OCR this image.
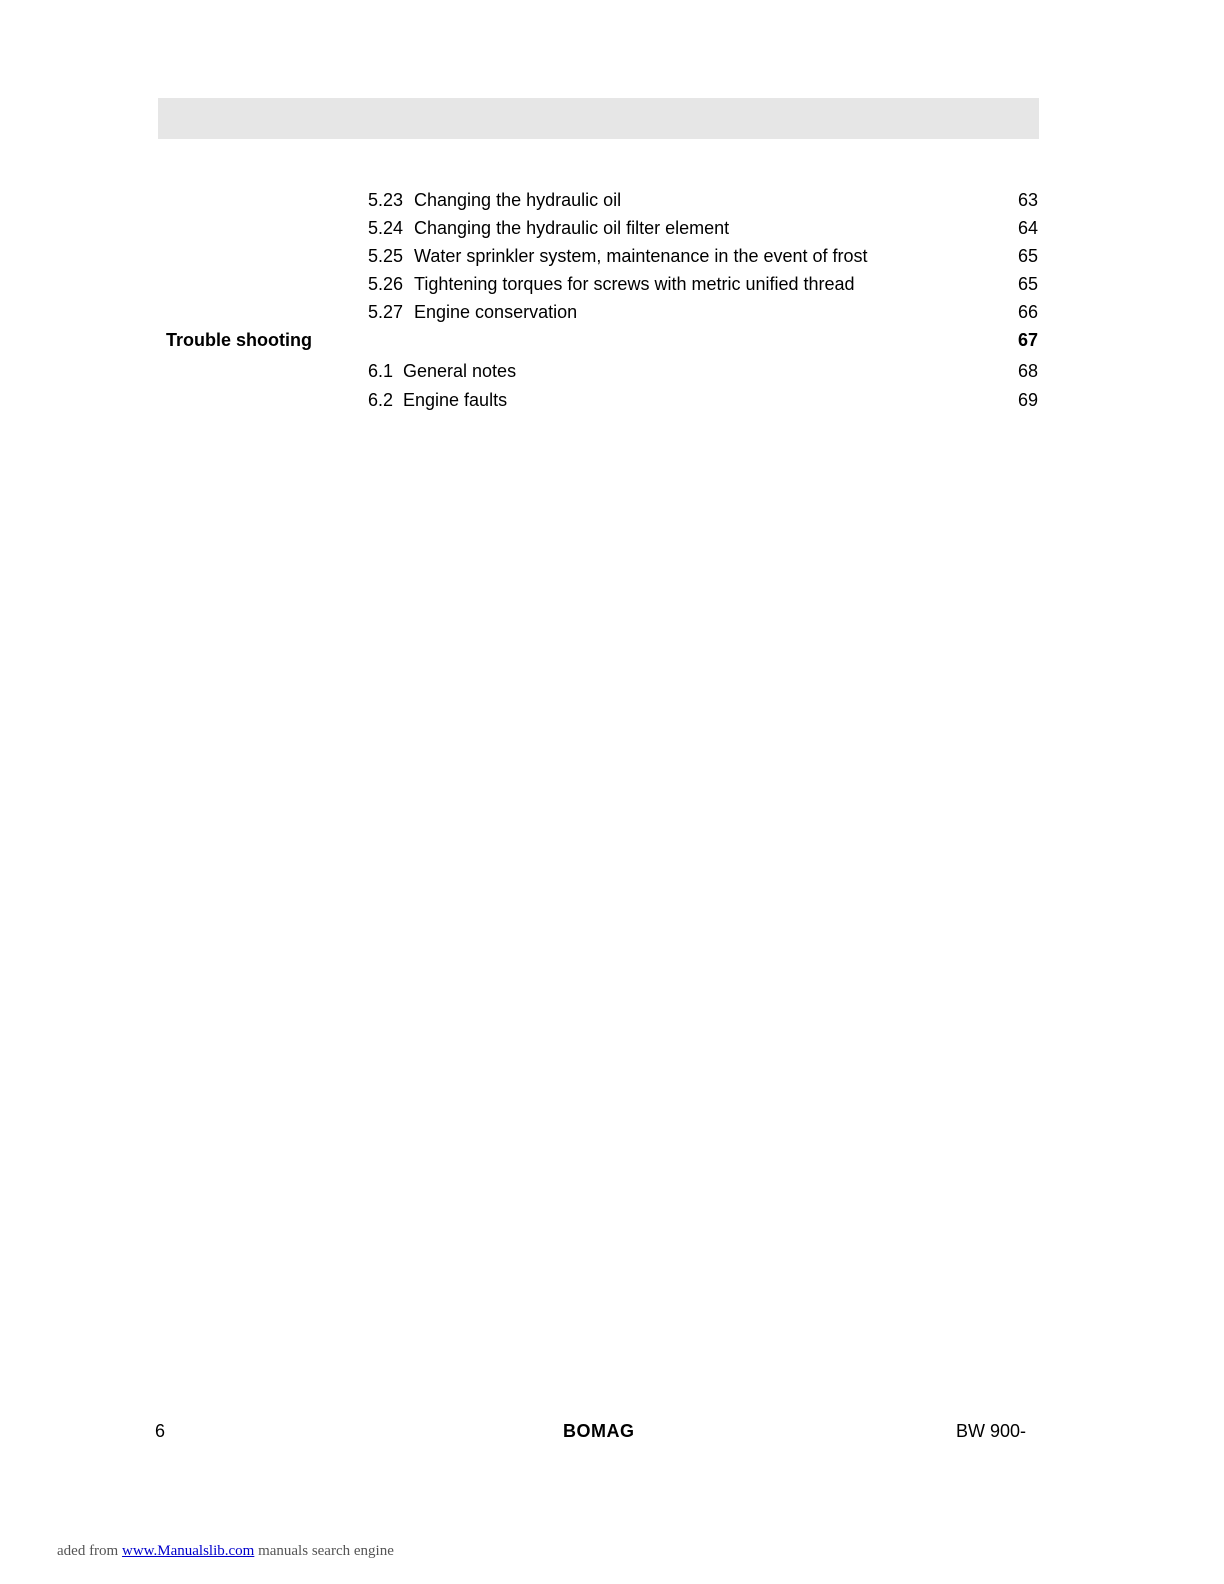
5.23 Changing the hydraulic oil	63
5.24 Changing the hydraulic oil filter element	64
5.25 Water sprinkler system, maintenance in the event of frost	65
5.26 Tightening torques for screws with metric unified thread	65
5.27 Engine conservation	66
Trouble shooting	67
6.1 General notes	68
6.2 Engine faults	69
6	BOMAG	BW 900-
aded from www.Manualslib.com manuals search engine
